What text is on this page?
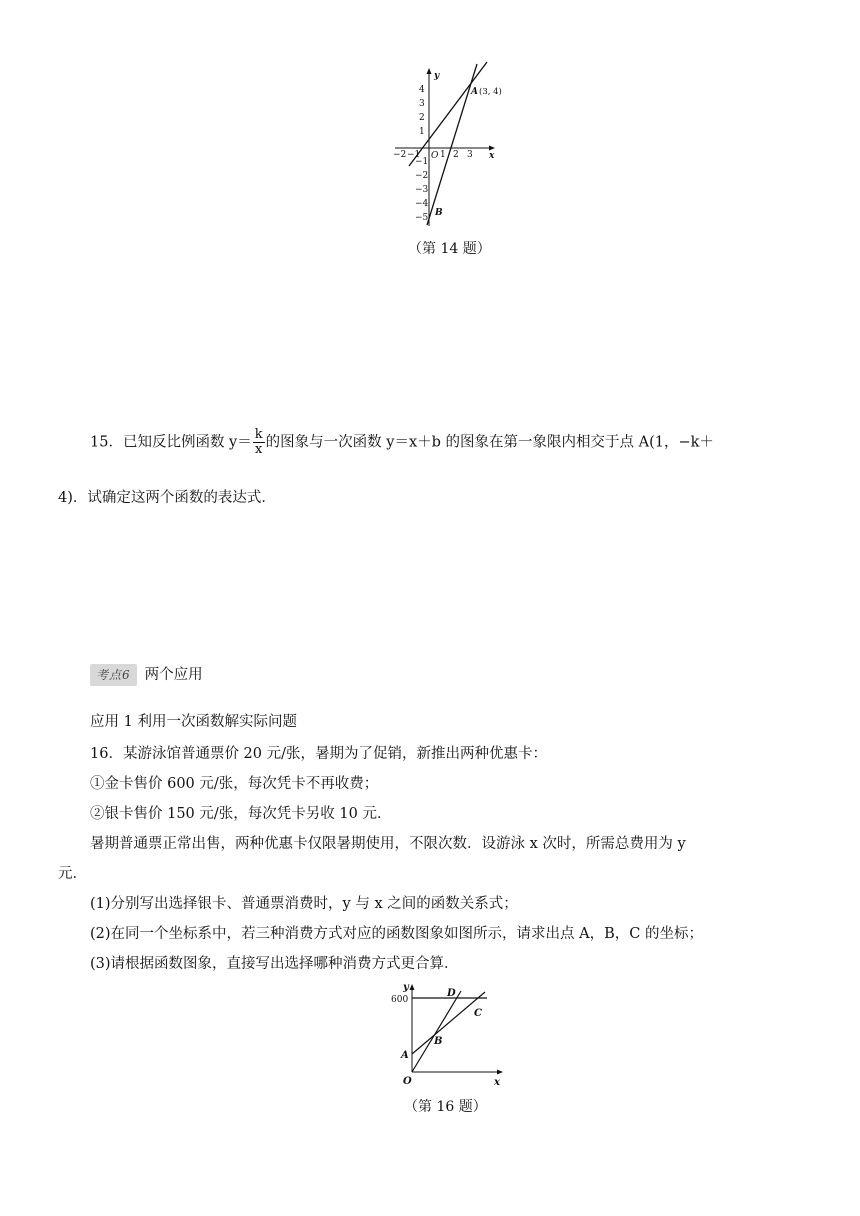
−2 −1 1 2 3
4
3
2
1
−1
−2
−3
−4
−5
O	x
y
A (3, 4)
B
（第 14 题）
15．已知反比例函数 $y= \frac{k}{x}$ 的图象与一次函数 y＝x＋b 的图象在第一象限内相交于点 A(1，−k＋
4)．试确定这两个函数的表达式．
考点6 两个应用
应用 1 利用一次函数解实际问题
16．某游泳馆普通票价 20 元/张，暑期为了促销，新推出两种优惠卡：
①金卡售价 600 元/张，每次凭卡不再收费；
②银卡售价 150 元/张，每次凭卡另收 10 元．
暑期普通票正常出售，两种优惠卡仅限暑期使用，不限次数．设游泳 x 次时，所需总费用为 y
元．
(1)分别写出选择银卡、普通票消费时，y 与 x 之间的函数关系式；
(2)在同一个坐标系中，若三种消费方式对应的函数图象如图所示，请求出点 A，B，C 的坐标；
(3)请根据函数图象，直接写出选择哪种消费方式更合算．
600
y
x
O
A
B
C
D
（第 16 题）
